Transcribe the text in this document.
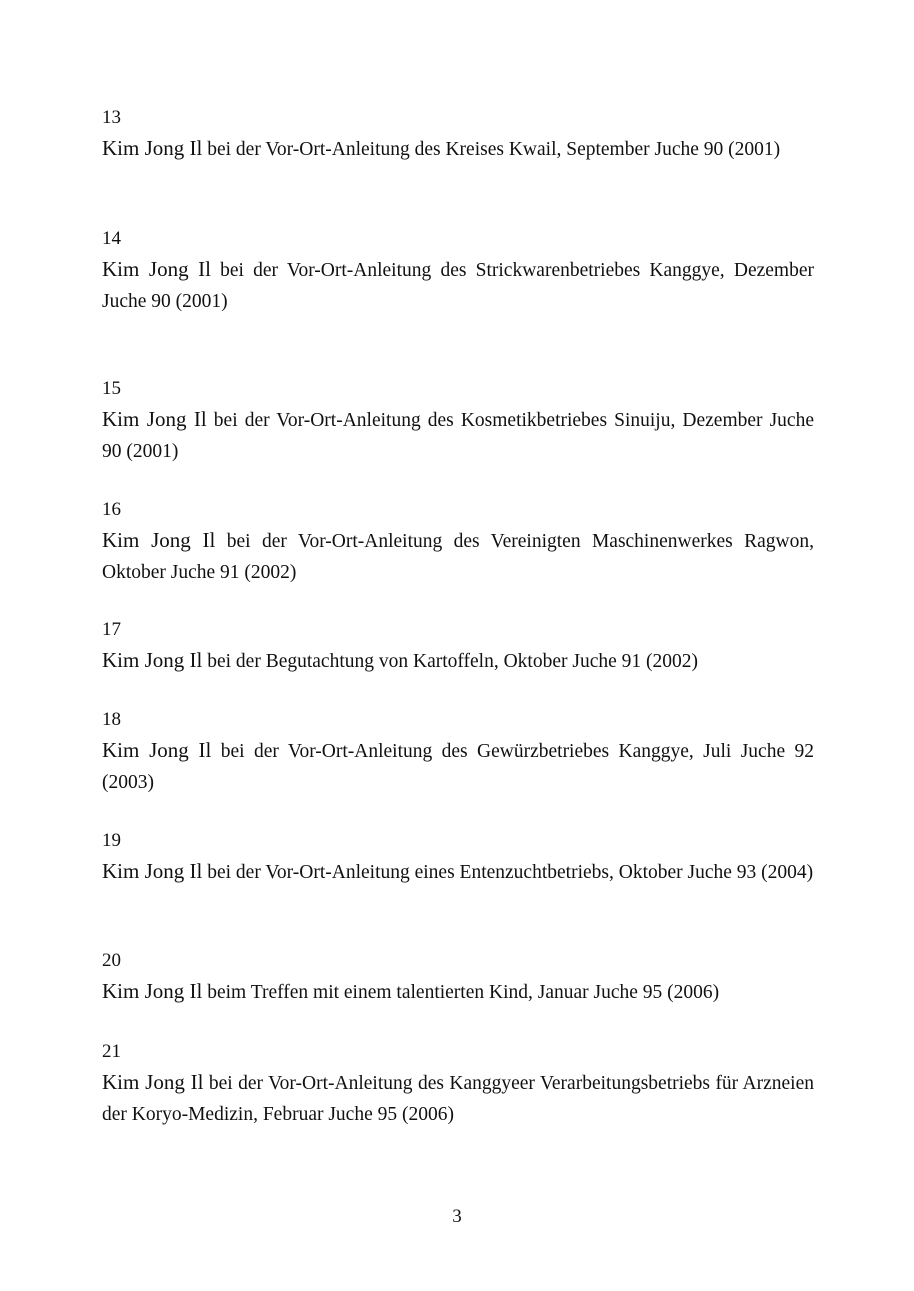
13
Kim Jong Il bei der Vor-Ort-Anleitung des Kreises Kwail, September Juche 90 (2001)
14
Kim Jong Il bei der Vor-Ort-Anleitung des Strickwarenbetriebes Kanggye, Dezember Juche 90 (2001)
15
Kim Jong Il bei der Vor-Ort-Anleitung des Kosmetikbetriebes Sinuiju, Dezember Juche 90 (2001)
16
Kim Jong Il bei der Vor-Ort-Anleitung des Vereinigten Maschinenwerkes Ragwon, Oktober Juche 91 (2002)
17
Kim Jong Il bei der Begutachtung von Kartoffeln, Oktober Juche 91 (2002)
18
Kim Jong Il bei der Vor-Ort-Anleitung des Gewürzbetriebes Kanggye, Juli Juche 92 (2003)
19
Kim Jong Il bei der Vor-Ort-Anleitung eines Entenzuchtbetriebs, Oktober Juche 93 (2004)
20
Kim Jong Il beim Treffen mit einem talentierten Kind, Januar Juche 95 (2006)
21
Kim Jong Il bei der Vor-Ort-Anleitung des Kanggyeer Verarbeitungsbetriebs für Arzneien der Koryo-Medizin, Februar Juche 95 (2006)
3
